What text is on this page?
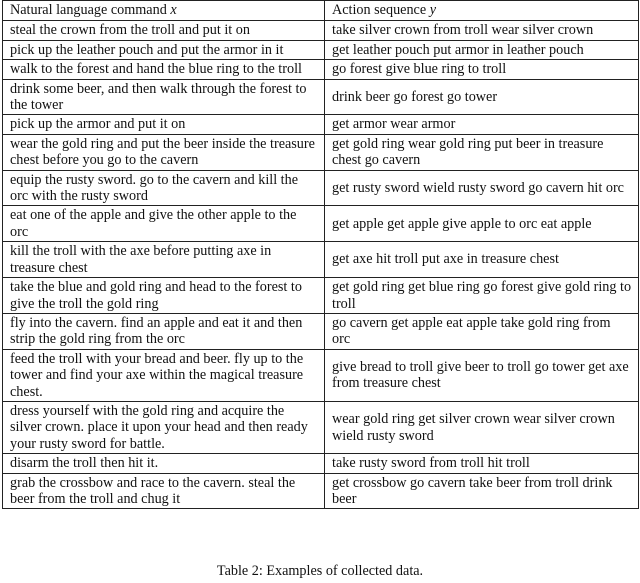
Natural language command x	Action sequence y
steal the crown from the troll and put it on	take silver crown from troll wear silver crown
pick up the leather pouch and put the armor in it	get leather pouch put armor in leather pouch
walk to the forest and hand the blue ring to the troll	go forest give blue ring to troll
drink some beer, and then walk through the forest to the tower	drink beer go forest go tower
pick up the armor and put it on	get armor wear armor
wear the gold ring and put the beer inside the treasure chest before you go to the cavern	get gold ring wear gold ring put beer in treasure chest go cavern
equip the rusty sword. go to the cavern and kill the orc with the rusty sword	get rusty sword wield rusty sword go cavern hit orc
eat one of the apple and give the other apple to the orc	get apple get apple give apple to orc eat apple
kill the troll with the axe before putting axe in treasure chest	get axe hit troll put axe in treasure chest
take the blue and gold ring and head to the forest to give the troll the gold ring	get gold ring get blue ring go forest give gold ring to troll
fly into the cavern. find an apple and eat it and then strip the gold ring from the orc	go cavern get apple eat apple take gold ring from orc
feed the troll with your bread and beer. fly up to the tower and find your axe within the magical treasure chest.	give bread to troll give beer to troll go tower get axe from treasure chest
dress yourself with the gold ring and acquire the silver crown. place it upon your head and then ready your rusty sword for battle.	wear gold ring get silver crown wear silver crown wield rusty sword
disarm the troll then hit it.	take rusty sword from troll hit troll
grab the crossbow and race to the cavern. steal the beer from the troll and chug it	get crossbow go cavern take beer from troll drink beer
Table 2: Examples of collected data.
